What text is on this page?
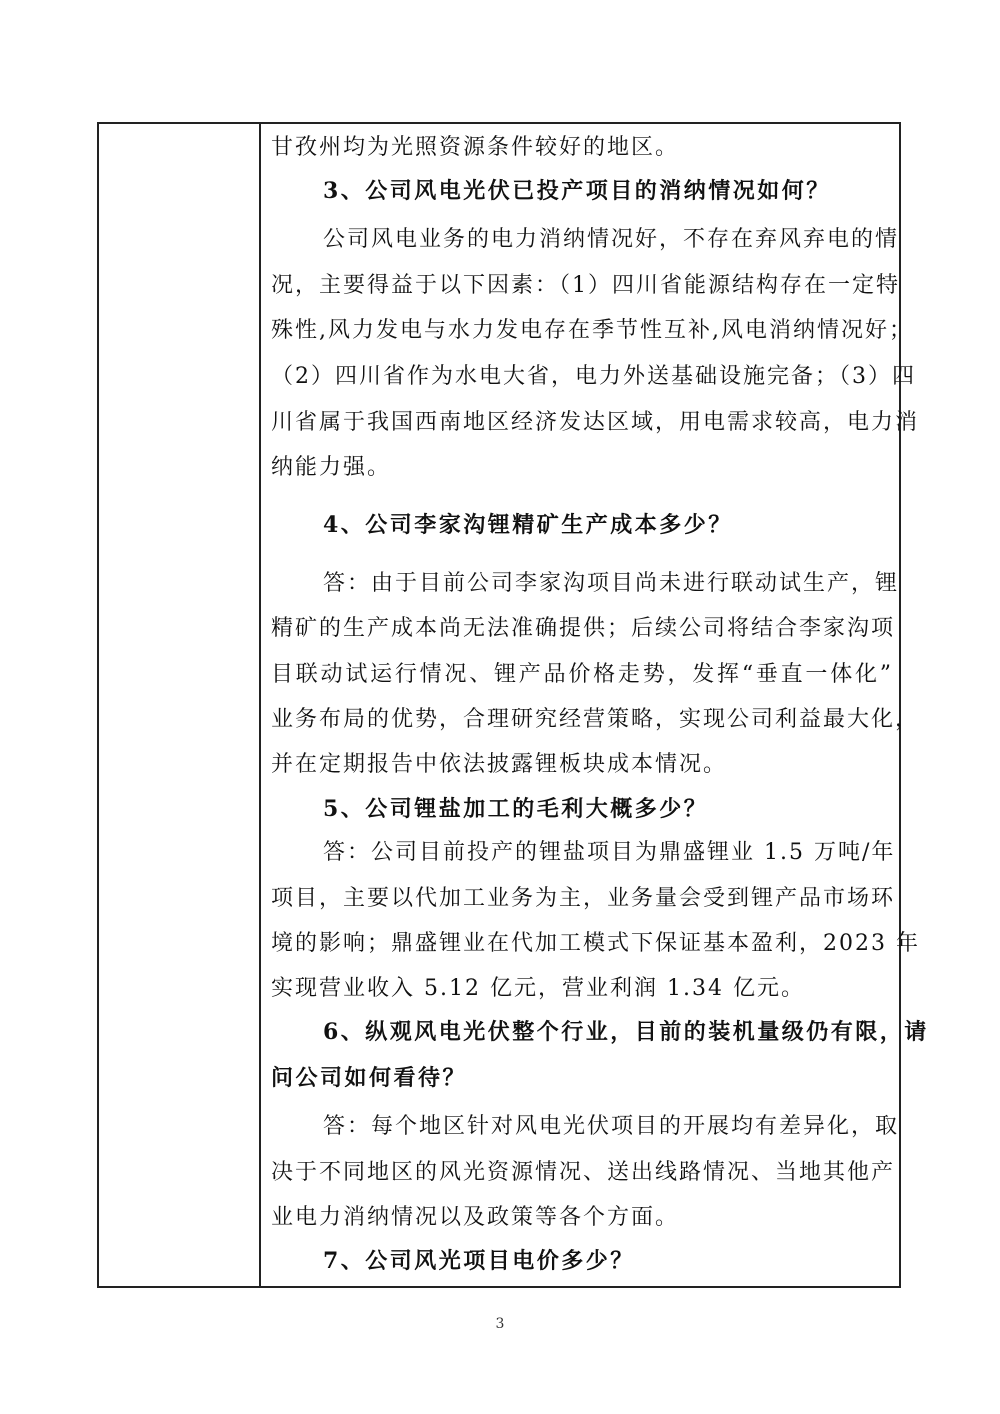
甘孜州均为光照资源条件较好的地区。
3、公司风电光伏已投产项目的消纳情况如何？
公司风电业务的电力消纳情况好，不存在弃风弃电的情
况，主要得益于以下因素：（1）四川省能源结构存在一定特
殊性,风力发电与水力发电存在季节性互补,风电消纳情况好；
（2）四川省作为水电大省，电力外送基础设施完备；（3）四
川省属于我国西南地区经济发达区域，用电需求较高，电力消
纳能力强。
4、公司李家沟锂精矿生产成本多少？
答：由于目前公司李家沟项目尚未进行联动试生产，锂
精矿的生产成本尚无法准确提供；后续公司将结合李家沟项
目联动试运行情况、锂产品价格走势，发挥“垂直一体化”
业务布局的优势，合理研究经营策略，实现公司利益最大化，
并在定期报告中依法披露锂板块成本情况。
5、公司锂盐加工的毛利大概多少？
答：公司目前投产的锂盐项目为鼎盛锂业 1.5 万吨/年
项目，主要以代加工业务为主，业务量会受到锂产品市场环
境的影响；鼎盛锂业在代加工模式下保证基本盈利，2023 年
实现营业收入 5.12 亿元，营业利润 1.34 亿元。
6、纵观风电光伏整个行业，目前的装机量级仍有限，请
问公司如何看待？
答：每个地区针对风电光伏项目的开展均有差异化，取
决于不同地区的风光资源情况、送出线路情况、当地其他产
业电力消纳情况以及政策等各个方面。
7、公司风光项目电价多少？
3
